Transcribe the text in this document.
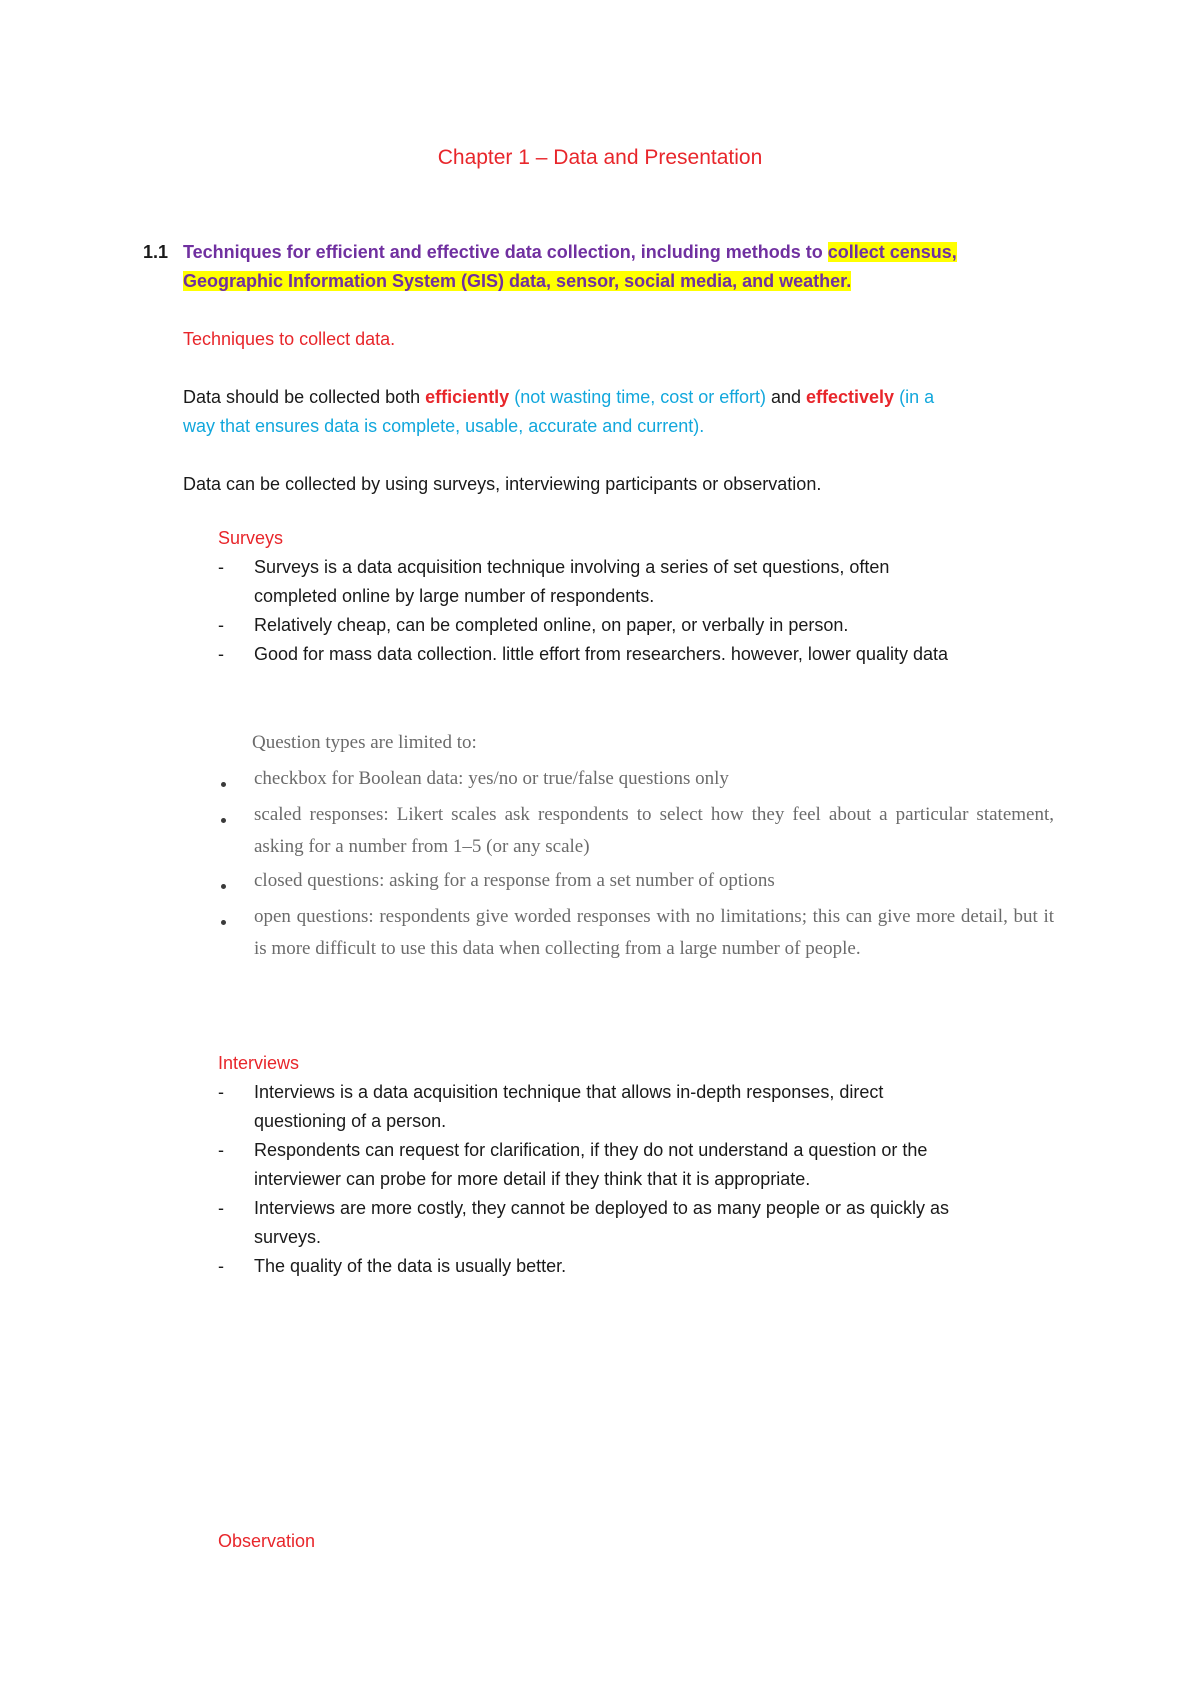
Chapter 1 – Data and Presentation
1.1 Techniques for efficient and effective data collection, including methods to collect census,
Geographic Information System (GIS) data, sensor, social media, and weather.
Techniques to collect data.
Data should be collected both efficiently (not wasting time, cost or effort) and effectively (in a
way that ensures data is complete, usable, accurate and current).
Data can be collected by using surveys, interviewing participants or observation.
Surveys
- Surveys is a data acquisition technique involving a series of set questions, often
completed online by large number of respondents.
- Relatively cheap, can be completed online, on paper, or verbally in person.
- Good for mass data collection. little effort from researchers. however, lower quality data
Question types are limited to:
checkbox for Boolean data: yes/no or true/false questions only
scaled responses: Likert scales ask respondents to select how they feel about a particular statement, asking for a number from 1–5 (or any scale)
closed questions: asking for a response from a set number of options
open questions: respondents give worded responses with no limitations; this can give more detail, but it is more difficult to use this data when collecting from a large number of people.
Interviews
- Interviews is a data acquisition technique that allows in-depth responses, direct
questioning of a person.
- Respondents can request for clarification, if they do not understand a question or the
interviewer can probe for more detail if they think that it is appropriate.
- Interviews are more costly, they cannot be deployed to as many people or as quickly as
surveys.
- The quality of the data is usually better.
Observation
